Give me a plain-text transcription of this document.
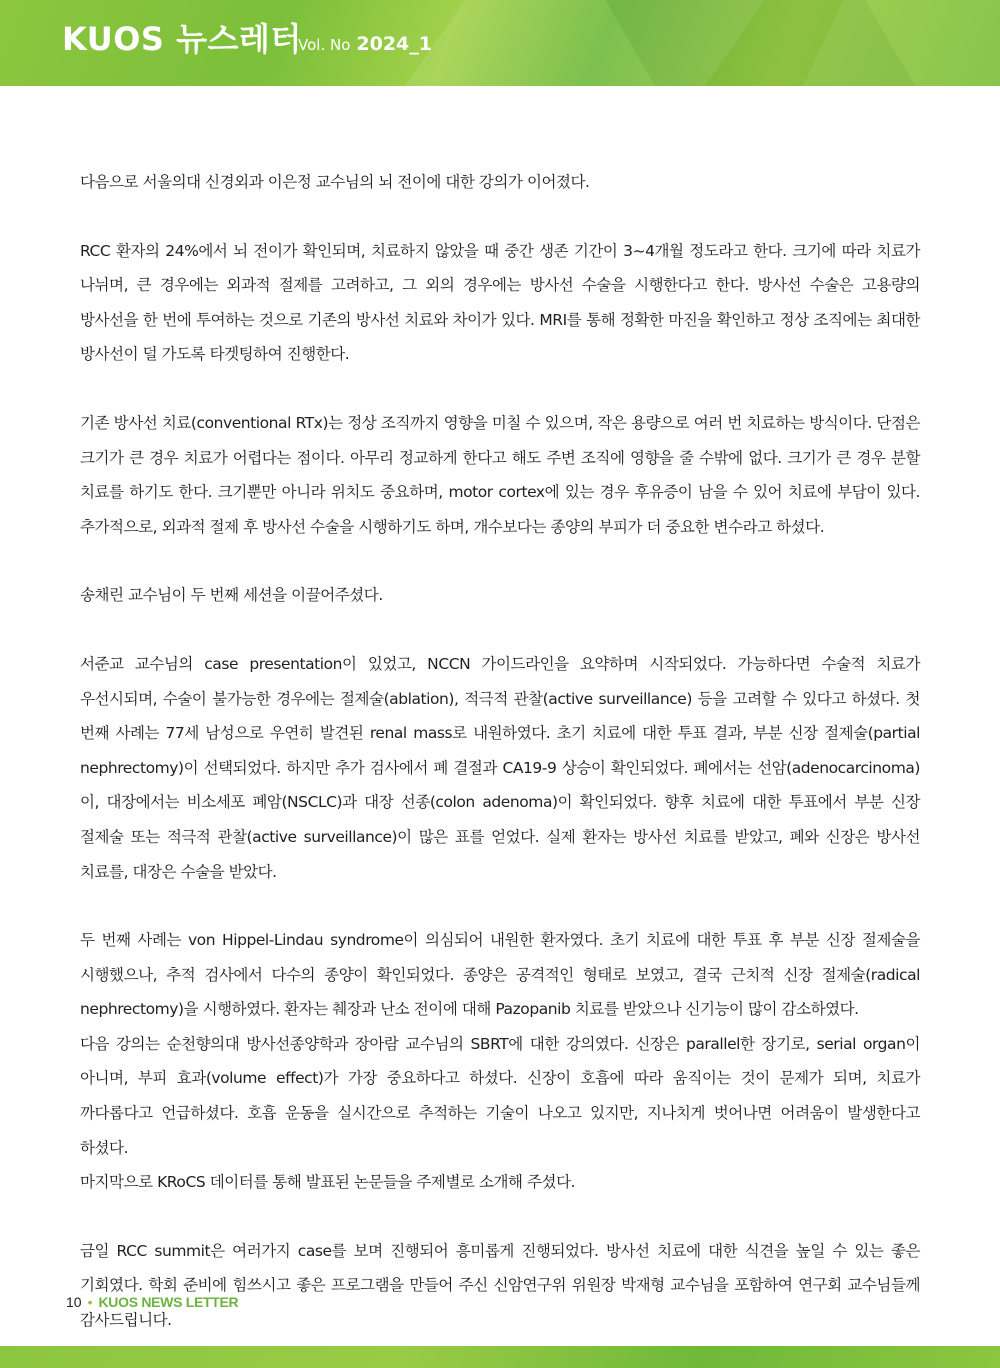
KUOS 뉴스레터
Vol. No 2024_1

다음으로 서울의대 신경외과 이은정 교수님의 뇌 전이에 대한 강의가 이어졌다.

RCC 환자의 24%에서 뇌 전이가 확인되며, 치료하지 않았을 때 중간 생존 기간이 3~4개월 정도라고 한다. 크기에 따라 치료가 나뉘며, 큰 경우에는 외과적 절제를 고려하고, 그 외의 경우에는 방사선 수술을 시행한다고 한다. 방사선 수술은 고용량의 방사선을 한 번에 투여하는 것으로 기존의 방사선 치료와 차이가 있다. MRI를 통해 정확한 마진을 확인하고 정상 조직에는 최대한 방사선이 덜 가도록 타겟팅하여 진행한다.

기존 방사선 치료(conventional RTx)는 정상 조직까지 영향을 미칠 수 있으며, 작은 용량으로 여러 번 치료하는 방식이다. 단점은 크기가 큰 경우 치료가 어렵다는 점이다. 아무리 정교하게 한다고 해도 주변 조직에 영향을 줄 수밖에 없다. 크기가 큰 경우 분할 치료를 하기도 한다. 크기뿐만 아니라 위치도 중요하며, motor cortex에 있는 경우 후유증이 남을 수 있어 치료에 부담이 있다. 추가적으로, 외과적 절제 후 방사선 수술을 시행하기도 하며, 개수보다는 종양의 부피가 더 중요한 변수라고 하셨다.

송채린 교수님이 두 번째 세션을 이끌어주셨다.

서준교 교수님의 case presentation이 있었고, NCCN 가이드라인을 요약하며 시작되었다. 가능하다면 수술적 치료가 우선시되며, 수술이 불가능한 경우에는 절제술(ablation), 적극적 관찰(active surveillance) 등을 고려할 수 있다고 하셨다. 첫 번째 사례는 77세 남성으로 우연히 발견된 renal mass로 내원하였다. 초기 치료에 대한 투표 결과, 부분 신장 절제술(partial nephrectomy)이 선택되었다. 하지만 추가 검사에서 폐 결절과 CA19-9 상승이 확인되었다. 폐에서는 선암(adenocarcinoma)이, 대장에서는 비소세포 폐암(NSCLC)과 대장 선종(colon adenoma)이 확인되었다. 향후 치료에 대한 투표에서 부분 신장 절제술 또는 적극적 관찰(active surveillance)이 많은 표를 얻었다. 실제 환자는 방사선 치료를 받았고, 폐와 신장은 방사선 치료를, 대장은 수술을 받았다.

두 번째 사례는 von Hippel-Lindau syndrome이 의심되어 내원한 환자였다. 초기 치료에 대한 투표 후 부분 신장 절제술을 시행했으나, 추적 검사에서 다수의 종양이 확인되었다. 종양은 공격적인 형태로 보였고, 결국 근치적 신장 절제술(radical nephrectomy)을 시행하였다. 환자는 췌장과 난소 전이에 대해 Pazopanib 치료를 받았으나 신기능이 많이 감소하였다.

다음 강의는 순천향의대 방사선종양학과 장아람 교수님의 SBRT에 대한 강의였다. 신장은 parallel한 장기로, serial organ이 아니며, 부피 효과(volume effect)가 가장 중요하다고 하셨다. 신장이 호흡에 따라 움직이는 것이 문제가 되며, 치료가 까다롭다고 언급하셨다. 호흡 운동을 실시간으로 추적하는 기술이 나오고 있지만, 지나치게 벗어나면 어려움이 발생한다고 하셨다.

마지막으로 KRoCS 데이터를 통해 발표된 논문들을 주제별로 소개해 주셨다.

금일 RCC summit은 여러가지 case를 보며 진행되어 흥미롭게 진행되었다. 방사선 치료에 대한 식견을 높일 수 있는 좋은 기회였다. 학회 준비에 힘쓰시고 좋은 프로그램을 만들어 주신 신암연구위 위원장 박재형 교수님을 포함하여 연구회 교수님들께 감사드립니다.

10 • KUOS NEWS LETTER
